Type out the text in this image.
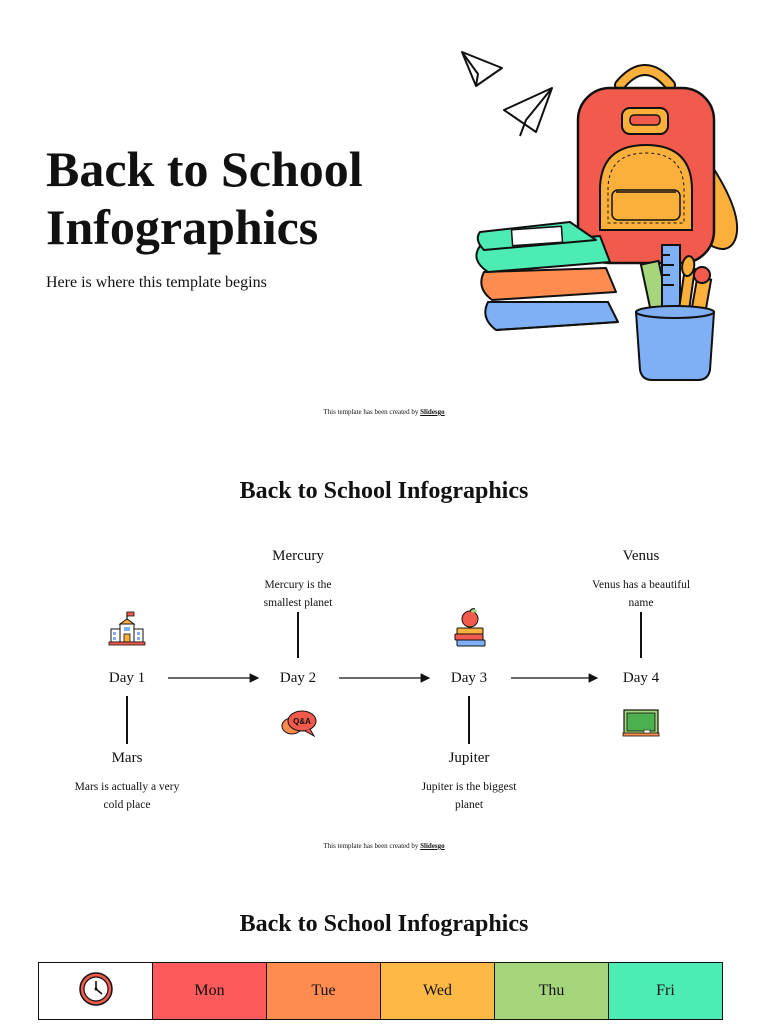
Back to School
Infographics
Here is where this template begins
This template has been created by Slidesgo
Back to School Infographics
Day 1	Day 2	Day 3	Day 4
Mercury
Mercury is the
smallest planet
Venus
Venus has a beautiful
name
Mars
Mars is actually a very
cold place
Jupiter
Jupiter is the biggest
planet
Q&A
This template has been created by Slidesgo
Back to School Infographics
	Mon	Tue	Wed	Thu	Fri
